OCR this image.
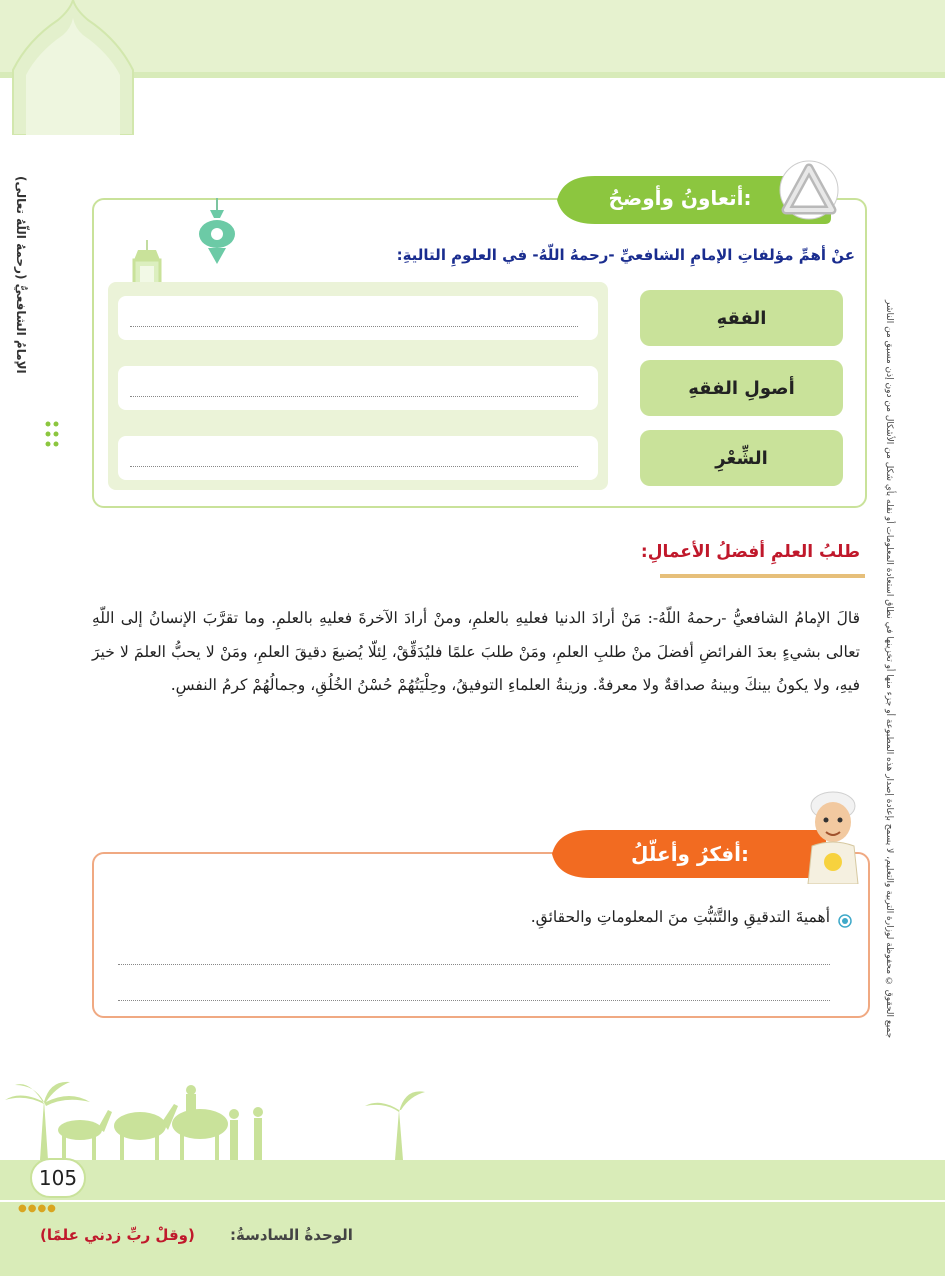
الإمامُ الشافعيُّ (رحمهُ اللّهُ تعالى)
جميع الحقوق © محفوظة لوزارة التربية والتعليم، لا يسمح بإعادة إصدار هذه المطبوعة أو جزء منها أو تخزينها في نطاق استعادة المعلومات أو نقله بأي شكل من الأشكال من دون إذن مسبق من الناشر
أتعاونُ وأوضحُ:
عنْ أهمِّ مؤلفاتِ الإمامِ الشافعيِّ -رحمهُ اللّهُ- في العلومِ التاليةِ:
الفقهِ
أصولِ الفقهِ
الشِّعْرِ
طلبُ العلمِ أفضلُ الأعمالِ:
قالَ الإمامُ الشافعيُّ -رحمهُ اللّهُ-: مَنْ أرادَ الدنيا فعليهِ بالعلمِ، ومنْ أرادَ الآخرةَ فعليهِ بالعلمِ. وما تقرَّبَ الإنسانُ إلى اللّهِ تعالى بشيءٍ بعدَ الفرائضِ أفضلَ منْ طلبِ العلمِ، ومَنْ طلبَ علمًا فليُدَقِّقْ، لِئلّا يُضيعَ دقيقَ العلمِ، ومَنْ لا يحبُّ العلمَ لا خيرَ فيهِ، ولا يكونُ بينكَ وبينهُ صداقةٌ ولا معرفةٌ. وزينةُ العلماءِ التوفيقُ، وحِلْيَتُهُمْ حُسْنُ الخُلُقِ، وجمالُهُمْ كرمُ النفسِ.
أفكرُ وأعلّلُ:
أهميةَ التدقيقِ والتَّثبُّتِ منَ المعلوماتِ والحقائقِ.
105
●●●●
الوحدةُ السادسةُ:
(وقلْ ربِّ زدني علمًا)
